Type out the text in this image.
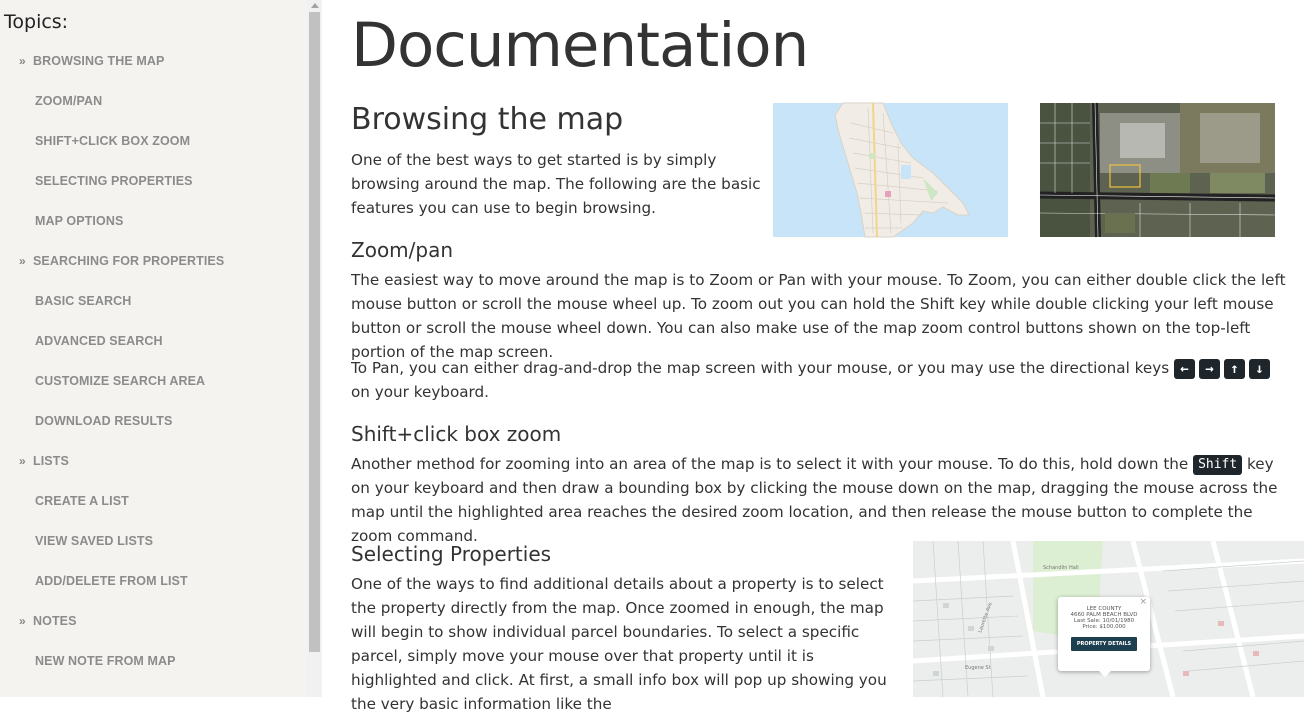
Topics:
» BROWSING THE MAP
ZOOM/PAN
SHIFT+CLICK BOX ZOOM
SELECTING PROPERTIES
MAP OPTIONS
» SEARCHING FOR PROPERTIES
BASIC SEARCH
ADVANCED SEARCH
CUSTOMIZE SEARCH AREA
DOWNLOAD RESULTS
» LISTS
CREATE A LIST
VIEW SAVED LISTS
ADD/DELETE FROM LIST
» NOTES
NEW NOTE FROM MAP
Documentation
Browsing the map

One of the best ways to get started is by simply browsing around the map. The following are the basic features you can use to begin browsing.

Zoom/pan

The easiest way to move around the map is to Zoom or Pan with your mouse. To Zoom, you can either double click the left mouse button or scroll the mouse wheel up. To zoom out you can hold the Shift key while double clicking your left mouse button or scroll the mouse wheel down. You can also make use of the map zoom control buttons shown on the top-left portion of the map screen.

To Pan, you can either drag-and-drop the map screen with your mouse, or you may use the directional keys ← → ↑ ↓ on your keyboard.

Shift+click box zoom

Another method for zooming into an area of the map is to select it with your mouse. To do this, hold down the Shift key on your keyboard and then draw a bounding box by clicking the mouse down on the map, dragging the mouse across the map until the highlighted area reaches the desired zoom location, and then release the mouse button to complete the zoom command.

Selecting Properties

One of the ways to find additional details about a property is to select the property directly from the map. Once zoomed in enough, the map will begin to show individual parcel boundaries. To select a specific parcel, simply move your mouse over that property until it is highlighted and click. At first, a small info box will pop up showing you the very basic information like the

Schandlin Hall
Laurette Ave
Eugene St
×
LEE COUNTY
4660 PALM BEACH BLVD
Last Sale: 10/01/1980
Price: $100,000
PROPERTY DETAILS
